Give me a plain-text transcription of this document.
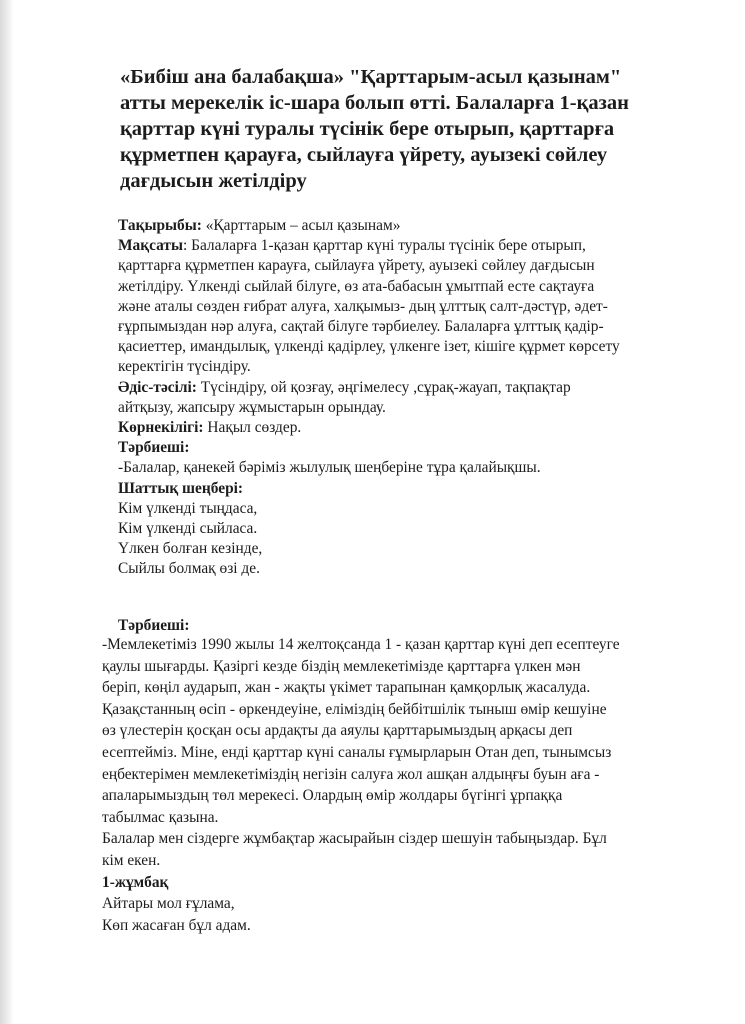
«Бибіш ана балабақша» "Қарттарым-асыл қазынам"
атты мерекелік іс-шара болып өтті. Балаларға 1-қазан
қарттар күні туралы түсінік бере отырып, қарттарға
құрметпен қарауға, сыйлауға үйрету, ауызекі сөйлеу
дағдысын жетілдіру
Тақырыбы: «Қарттарым – асыл қазынам»
Мақсаты: Балаларға 1-қазан қарттар күні туралы түсінік бере отырып,
қарттарға құрметпен карауға, сыйлауға үйрету, ауызекі сөйлеу дағдысын
жетілдіру. Үлкенді сыйлай білуге, өз ата-бабасын ұмытпай есте сақтауға
және аталы сөзден ғибрат алуға, халқымыз- дың ұлттық салт-дәстүр, әдет-
ғұрпымыздан нәр алуға, сақтай білуге тәрбиелеу. Балаларға ұлттық қадір-
қасиеттер, имандылық, үлкенді қадірлеу, үлкенге ізет, кішіге құрмет көрсету
керектігін түсіндіру.
Әдіс-тәсілі: Түсіндіру, ой қозғау, әңгімелесу ,сұрақ-жауап, тақпақтар
айтқызу, жапсыру жұмыстарын орындау.
Көрнекілігі: Нақыл сөздер.
Тәрбиеші:
-Балалар, қанекей бәріміз жылулық шеңберіне тұра қалайықшы.
Шаттық шеңбері:
Кім үлкенді тыңдаса,
Кім үлкенді сыйласа.
Үлкен болған кезінде,
Сыйлы болмақ өзі де.
Тәрбиеші:
-Мемлекетіміз 1990 жылы 14 желтоқсанда 1 - қазан қарттар күні деп есептеуге
қаулы шығарды. Қазіргі кезде біздің мемлекетімізде қарттарға үлкен мән
беріп, көңіл аударып, жан - жақты үкімет тарапынан қамқорлық жасалуда.
Қазақстанның өсіп - өркендеуіне, еліміздің бейбітшілік тыныш өмір кешуіне
өз үлестерін қосқан осы ардақты да аяулы қарттарымыздың арқасы деп
есептейміз. Міне, енді қарттар күні саналы ғұмырларын Отан деп, тынымсыз
еңбектерімен мемлекетіміздің негізін салуға жол ашқан алдыңғы буын аға -
апаларымыздың төл мерекесі. Олардың өмір жолдары бүгінгі ұрпаққа
табылмас қазына.
Балалар мен сіздерге жұмбақтар жасырайын сіздер шешуін табыңыздар. Бұл
кім екен.
1-жұмбақ
Айтары мол ғұлама,
Көп жасаған бұл адам.
